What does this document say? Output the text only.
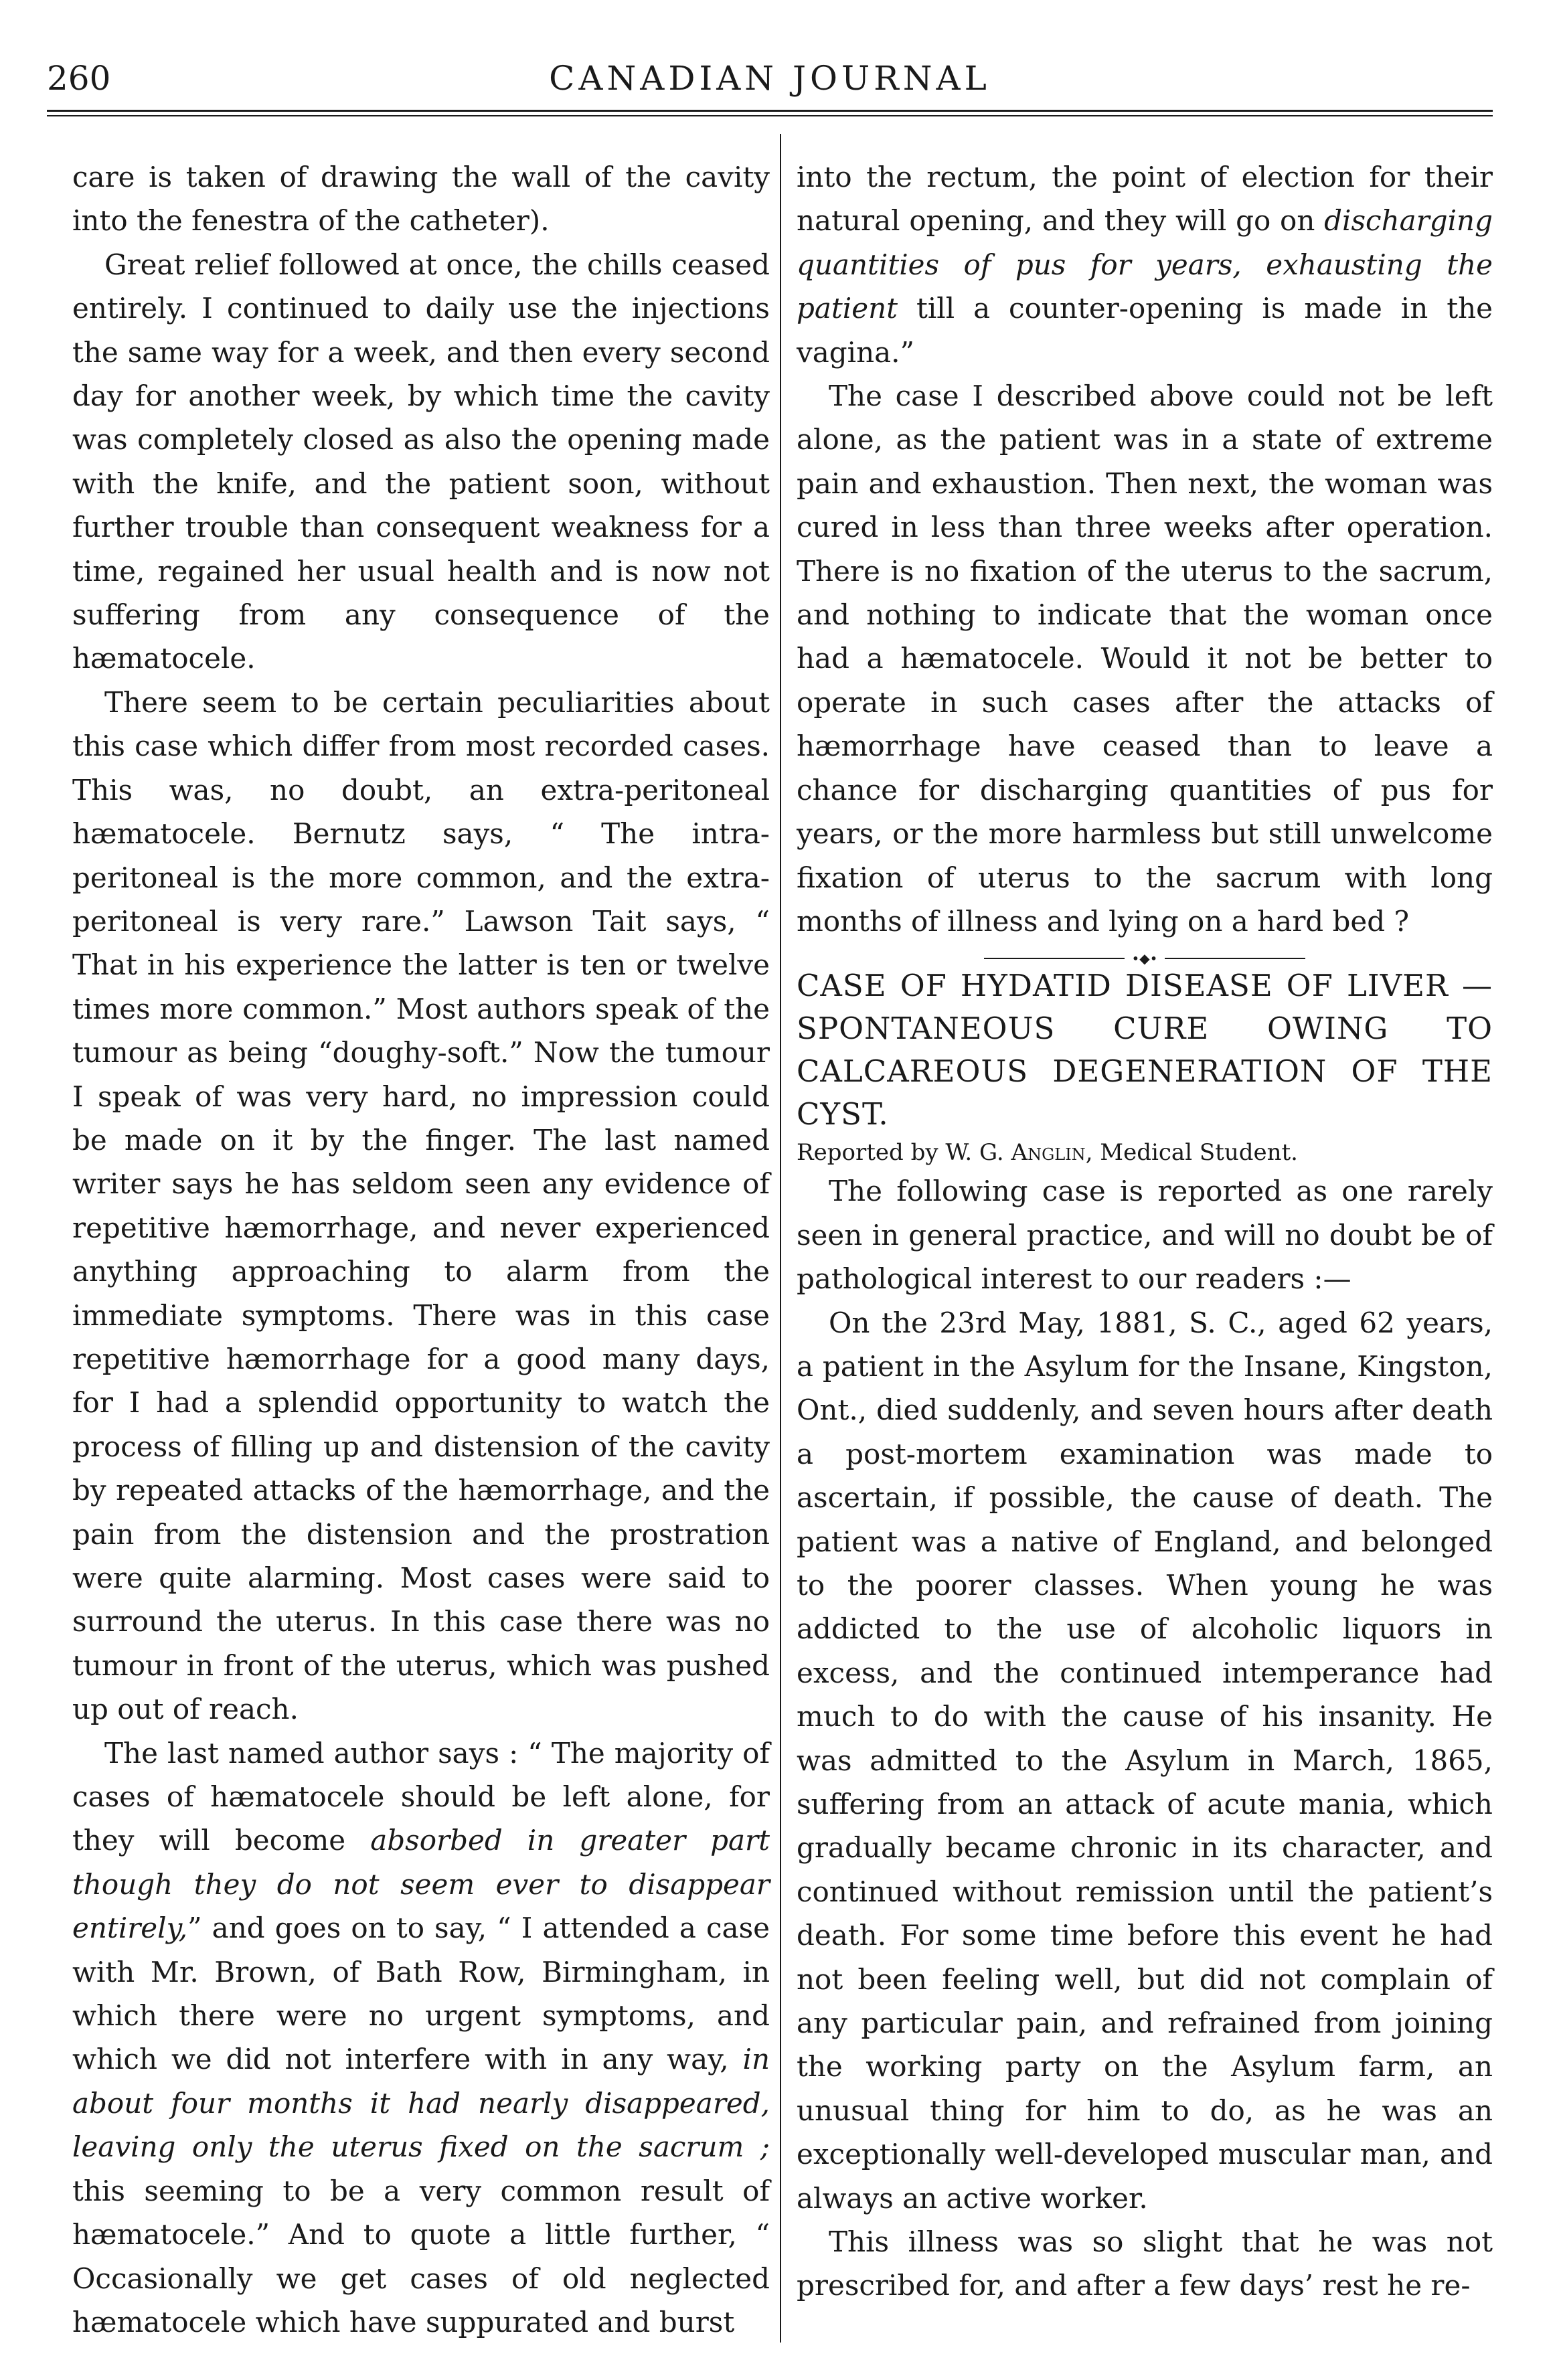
260	CANADIAN JOURNAL

care is taken of drawing the wall of the cavity into the fenestra of the catheter).

Great relief followed at once, the chills ceased entirely. I continued to daily use the injections the same way for a week, and then every second day for another week, by which time the cavity was completely closed as also the opening made with the knife, and the patient soon, without further trouble than consequent weakness for a time, regained her usual health and is now not suffering from any consequence of the hæmatocele.

There seem to be certain peculiarities about this case which differ from most recorded cases. This was, no doubt, an extra-peritoneal hæmatocele. Bernutz says, “ The intra-peritoneal is the more common, and the extra-peritoneal is very rare.” Lawson Tait says, “ That in his experience the latter is ten or twelve times more common.” Most authors speak of the tumour as being “doughy-soft.” Now the tumour I speak of was very hard, no impression could be made on it by the finger. The last named writer says he has seldom seen any evidence of repetitive hæmorrhage, and never experienced anything approaching to alarm from the immediate symptoms. There was in this case repetitive hæmorrhage for a good many days, for I had a splendid opportunity to watch the process of filling up and distension of the cavity by repeated attacks of the hæmorrhage, and the pain from the distension and the prostration were quite alarming. Most cases were said to surround the uterus. In this case there was no tumour in front of the uterus, which was pushed up out of reach.

The last named author says : “ The majority of cases of hæmatocele should be left alone, for they will become absorbed in greater part though they do not seem ever to disappear entirely,” and goes on to say, “ I attended a case with Mr. Brown, of Bath Row, Birmingham, in which there were no urgent symptoms, and which we did not interfere with in any way, in about four months it had nearly disappeared, leaving only the uterus fixed on the sacrum ; this seeming to be a very common result of hæmatocele.” And to quote a little further, “ Occasionally we get cases of old neglected hæmatocele which have suppurated and burst

into the rectum, the point of election for their natural opening, and they will go on discharging quantities of pus for years, exhausting the patient till a counter-opening is made in the vagina.”

The case I described above could not be left alone, as the patient was in a state of extreme pain and exhaustion. Then next, the woman was cured in less than three weeks after operation. There is no fixation of the uterus to the sacrum, and nothing to indicate that the woman once had a hæmatocele. Would it not be better to operate in such cases after the attacks of hæmorrhage have ceased than to leave a chance for discharging quantities of pus for years, or the more harmless but still unwelcome fixation of uterus to the sacrum with long months of illness and lying on a hard bed ?

•◆•
CASE OF HYDATID DISEASE OF LIVER —SPONTANEOUS CURE OWING TO CALCAREOUS DEGENERATION OF THE CYST.

Reported by W. G. Anglin, Medical Student.

The following case is reported as one rarely seen in general practice, and will no doubt be of pathological interest to our readers :—

On the 23rd May, 1881, S. C., aged 62 years, a patient in the Asylum for the Insane, Kingston, Ont., died suddenly, and seven hours after death a post-mortem examination was made to ascertain, if possible, the cause of death. The patient was a native of England, and belonged to the poorer classes. When young he was addicted to the use of alcoholic liquors in excess, and the continued intemperance had much to do with the cause of his insanity. He was admitted to the Asylum in March, 1865, suffering from an attack of acute mania, which gradually became chronic in its character, and continued without remission until the patient’s death. For some time before this event he had not been feeling well, but did not complain of any particular pain, and refrained from joining the working party on the Asylum farm, an unusual thing for him to do, as he was an exceptionally well-developed muscular man, and always an active worker.

This illness was so slight that he was not prescribed for, and after a few days’ rest he re-
